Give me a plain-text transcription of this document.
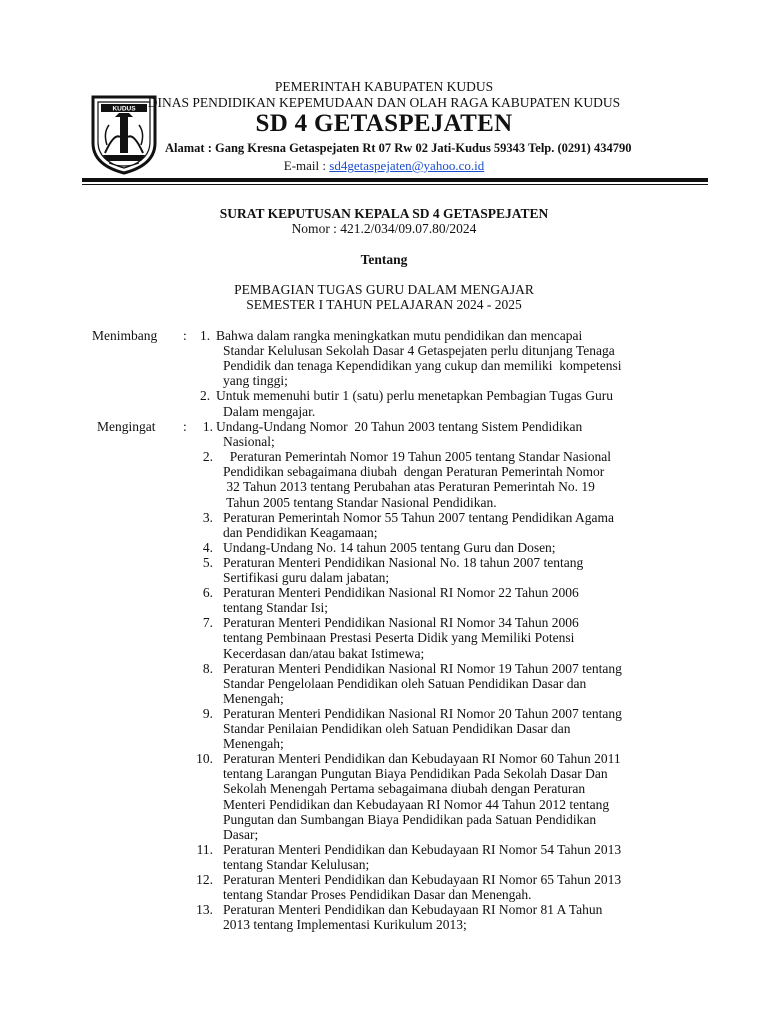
KUDUS
PEMERINTAH KABUPATEN KUDUS
DINAS PENDIDIKAN KEPEMUDAAN DAN OLAH RAGA KABUPATEN KUDUS
SD 4 GETASPEJATEN
Alamat : Gang Kresna Getaspejaten Rt 07 Rw 02 Jati-Kudus 59343 Telp. (0291) 434790
E-mail : sd4getaspejaten@yahoo.co.id
SURAT KEPUTUSAN KEPALA SD 4 GETASPEJATEN
Nomor : 421.2/034/09.07.80/2024
Tentang
PEMBAGIAN TUGAS GURU DALAM MENGAJAR
SEMESTER I TAHUN PELAJARAN 2024 - 2025
Menimbang : 1. Bahwa dalam rangka meningkatkan mutu pendidikan dan mencapai
Standar Kelulusan Sekolah Dasar 4 Getaspejaten perlu ditunjang Tenaga
Pendidik dan tenaga Kependidikan yang cukup dan memiliki  kompetensi
yang tinggi;
2. Untuk memenuhi butir 1 (satu) perlu menetapkan Pembagian Tugas Guru
Dalam mengajar.
Mengingat :	1. Undang-Undang Nomor  20 Tahun 2003 tentang Sistem Pendidikan
Nasional;
2. Peraturan Pemerintah Nomor 19 Tahun 2005 tentang Standar Nasional
Pendidikan sebagaimana diubah  dengan Peraturan Pemerintah Nomor
32 Tahun 2013 tentang Perubahan atas Peraturan Pemerintah No. 19
Tahun 2005 tentang Standar Nasional Pendidikan.
3. Peraturan Pemerintah Nomor 55 Tahun 2007 tentang Pendidikan Agama
dan Pendidikan Keagamaan;
4. Undang-Undang No. 14 tahun 2005 tentang Guru dan Dosen;
5. Peraturan Menteri Pendidikan Nasional No. 18 tahun 2007 tentang
Sertifikasi guru dalam jabatan;
6. Peraturan Menteri Pendidikan Nasional RI Nomor 22 Tahun 2006
tentang Standar Isi;
7. Peraturan Menteri Pendidikan Nasional RI Nomor 34 Tahun 2006
tentang Pembinaan Prestasi Peserta Didik yang Memiliki Potensi
Kecerdasan dan/atau bakat Istimewa;
8. Peraturan Menteri Pendidikan Nasional RI Nomor 19 Tahun 2007 tentang
Standar Pengelolaan Pendidikan oleh Satuan Pendidikan Dasar dan
Menengah;
9. Peraturan Menteri Pendidikan Nasional RI Nomor 20 Tahun 2007 tentang
Standar Penilaian Pendidikan oleh Satuan Pendidikan Dasar dan
Menengah;
10. Peraturan Menteri Pendidikan dan Kebudayaan RI Nomor 60 Tahun 2011
tentang Larangan Pungutan Biaya Pendidikan Pada Sekolah Dasar Dan
Sekolah Menengah Pertama sebagaimana diubah dengan Peraturan
Menteri Pendidikan dan Kebudayaan RI Nomor 44 Tahun 2012 tentang
Pungutan dan Sumbangan Biaya Pendidikan pada Satuan Pendidikan
Dasar;
11. Peraturan Menteri Pendidikan dan Kebudayaan RI Nomor 54 Tahun 2013
tentang Standar Kelulusan;
12. Peraturan Menteri Pendidikan dan Kebudayaan RI Nomor 65 Tahun 2013
tentang Standar Proses Pendidikan Dasar dan Menengah.
13. Peraturan Menteri Pendidikan dan Kebudayaan RI Nomor 81 A Tahun
2013 tentang Implementasi Kurikulum 2013;
